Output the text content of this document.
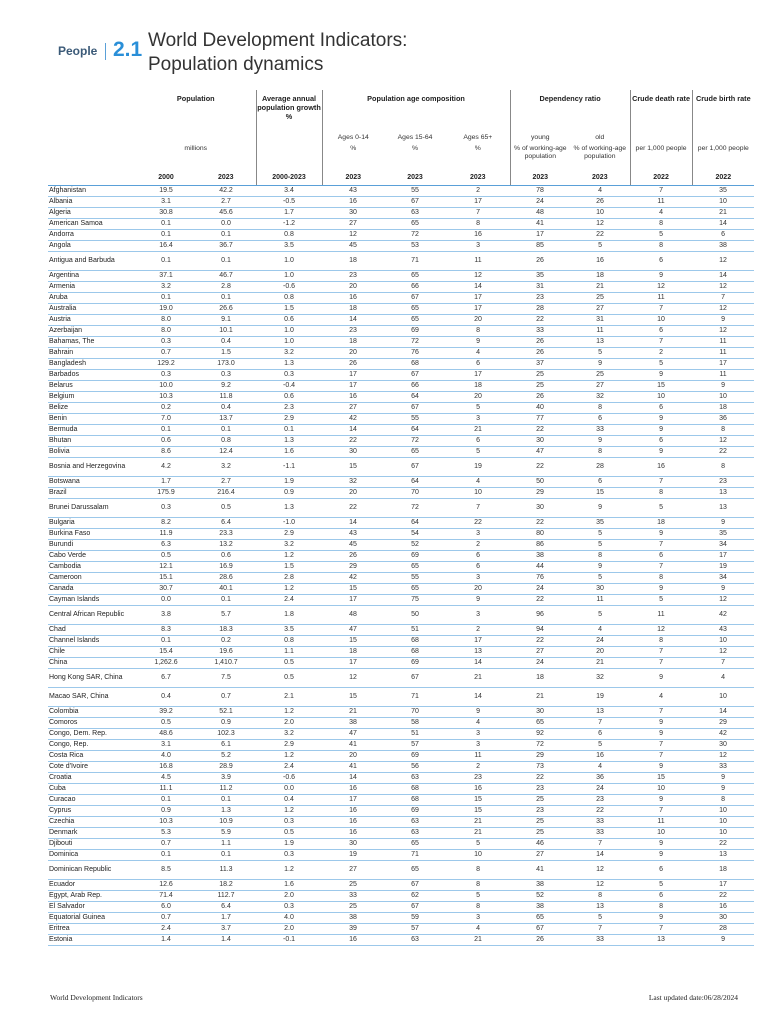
People 2.1 World Development Indicators:
Population dynamics
	Population		Average annual population growth %	Population age composition			Dependency ratio		Crude death rate	Crude birth rate
				Ages 0-14	Ages 15-64	Ages 65+	young	old		
	millions			%	%	%	% of working-age population	% of working-age population	per 1,000 people	per 1,000 people
	2000	2023	2000-2023	2023	2023	2023	2023	2023	2022	2022
Afghanistan	19.5	42.2	3.4	43	55	2	78	4	7	35
Albania	3.1	2.7	-0.5	16	67	17	24	26	11	10
Algeria	30.8	45.6	1.7	30	63	7	48	10	4	21
American Samoa	0.1	0.0	-1.2	27	65	8	41	12	8	14
Andorra	0.1	0.1	0.8	12	72	16	17	22	5	6
Angola	16.4	36.7	3.5	45	53	3	85	5	8	38
Antigua and Barbuda	0.1	0.1	1.0	18	71	11	26	16	6	12
Argentina	37.1	46.7	1.0	23	65	12	35	18	9	14
Armenia	3.2	2.8	-0.6	20	66	14	31	21	12	12
Aruba	0.1	0.1	0.8	16	67	17	23	25	11	7
Australia	19.0	26.6	1.5	18	65	17	28	27	7	12
Austria	8.0	9.1	0.6	14	65	20	22	31	10	9
Azerbaijan	8.0	10.1	1.0	23	69	8	33	11	6	12
Bahamas, The	0.3	0.4	1.0	18	72	9	26	13	7	11
Bahrain	0.7	1.5	3.2	20	76	4	26	5	2	11
Bangladesh	129.2	173.0	1.3	26	68	6	37	9	5	17
Barbados	0.3	0.3	0.3	17	67	17	25	25	9	11
Belarus	10.0	9.2	-0.4	17	66	18	25	27	15	9
Belgium	10.3	11.8	0.6	16	64	20	26	32	10	10
Belize	0.2	0.4	2.3	27	67	5	40	8	6	18
Benin	7.0	13.7	2.9	42	55	3	77	6	9	36
Bermuda	0.1	0.1	0.1	14	64	21	22	33	9	8
Bhutan	0.6	0.8	1.3	22	72	6	30	9	6	12
Bolivia	8.6	12.4	1.6	30	65	5	47	8	9	22
Bosnia and Herzegovina	4.2	3.2	-1.1	15	67	19	22	28	16	8
Botswana	1.7	2.7	1.9	32	64	4	50	6	7	23
Brazil	175.9	216.4	0.9	20	70	10	29	15	8	13
Brunei Darussalam	0.3	0.5	1.3	22	72	7	30	9	5	13
Bulgaria	8.2	6.4	-1.0	14	64	22	22	35	18	9
Burkina Faso	11.9	23.3	2.9	43	54	3	80	5	9	35
Burundi	6.3	13.2	3.2	45	52	2	86	5	7	34
Cabo Verde	0.5	0.6	1.2	26	69	6	38	8	6	17
Cambodia	12.1	16.9	1.5	29	65	6	44	9	7	19
Cameroon	15.1	28.6	2.8	42	55	3	76	5	8	34
Canada	30.7	40.1	1.2	15	65	20	24	30	9	9
Cayman Islands	0.0	0.1	2.4	17	75	9	22	11	5	12
Central African Republic	3.8	5.7	1.8	48	50	3	96	5	11	42
Chad	8.3	18.3	3.5	47	51	2	94	4	12	43
Channel Islands	0.1	0.2	0.8	15	68	17	22	24	8	10
Chile	15.4	19.6	1.1	18	68	13	27	20	7	12
China	1,262.6	1,410.7	0.5	17	69	14	24	21	7	7
Hong Kong SAR, China	6.7	7.5	0.5	12	67	21	18	32	9	4
Macao SAR, China	0.4	0.7	2.1	15	71	14	21	19	4	10
Colombia	39.2	52.1	1.2	21	70	9	30	13	7	14
Comoros	0.5	0.9	2.0	38	58	4	65	7	9	29
Congo, Dem. Rep.	48.6	102.3	3.2	47	51	3	92	6	9	42
Congo, Rep.	3.1	6.1	2.9	41	57	3	72	5	7	30
Costa Rica	4.0	5.2	1.2	20	69	11	29	16	7	12
Cote d'Ivoire	16.8	28.9	2.4	41	56	2	73	4	9	33
Croatia	4.5	3.9	-0.6	14	63	23	22	36	15	9
Cuba	11.1	11.2	0.0	16	68	16	23	24	10	9
Curacao	0.1	0.1	0.4	17	68	15	25	23	9	8
Cyprus	0.9	1.3	1.2	16	69	15	23	22	7	10
Czechia	10.3	10.9	0.3	16	63	21	25	33	11	10
Denmark	5.3	5.9	0.5	16	63	21	25	33	10	10
Djibouti	0.7	1.1	1.9	30	65	5	46	7	9	22
Dominica	0.1	0.1	0.3	19	71	10	27	14	9	13
Dominican Republic	8.5	11.3	1.2	27	65	8	41	12	6	18
Ecuador	12.6	18.2	1.6	25	67	8	38	12	5	17
Egypt, Arab Rep.	71.4	112.7	2.0	33	62	5	52	8	6	22
El Salvador	6.0	6.4	0.3	25	67	8	38	13	8	16
Equatorial Guinea	0.7	1.7	4.0	38	59	3	65	5	9	30
Eritrea	2.4	3.7	2.0	39	57	4	67	7	7	28
Estonia	1.4	1.4	-0.1	16	63	21	26	33	13	9
World Development Indicators	Last updated date:06/28/2024
